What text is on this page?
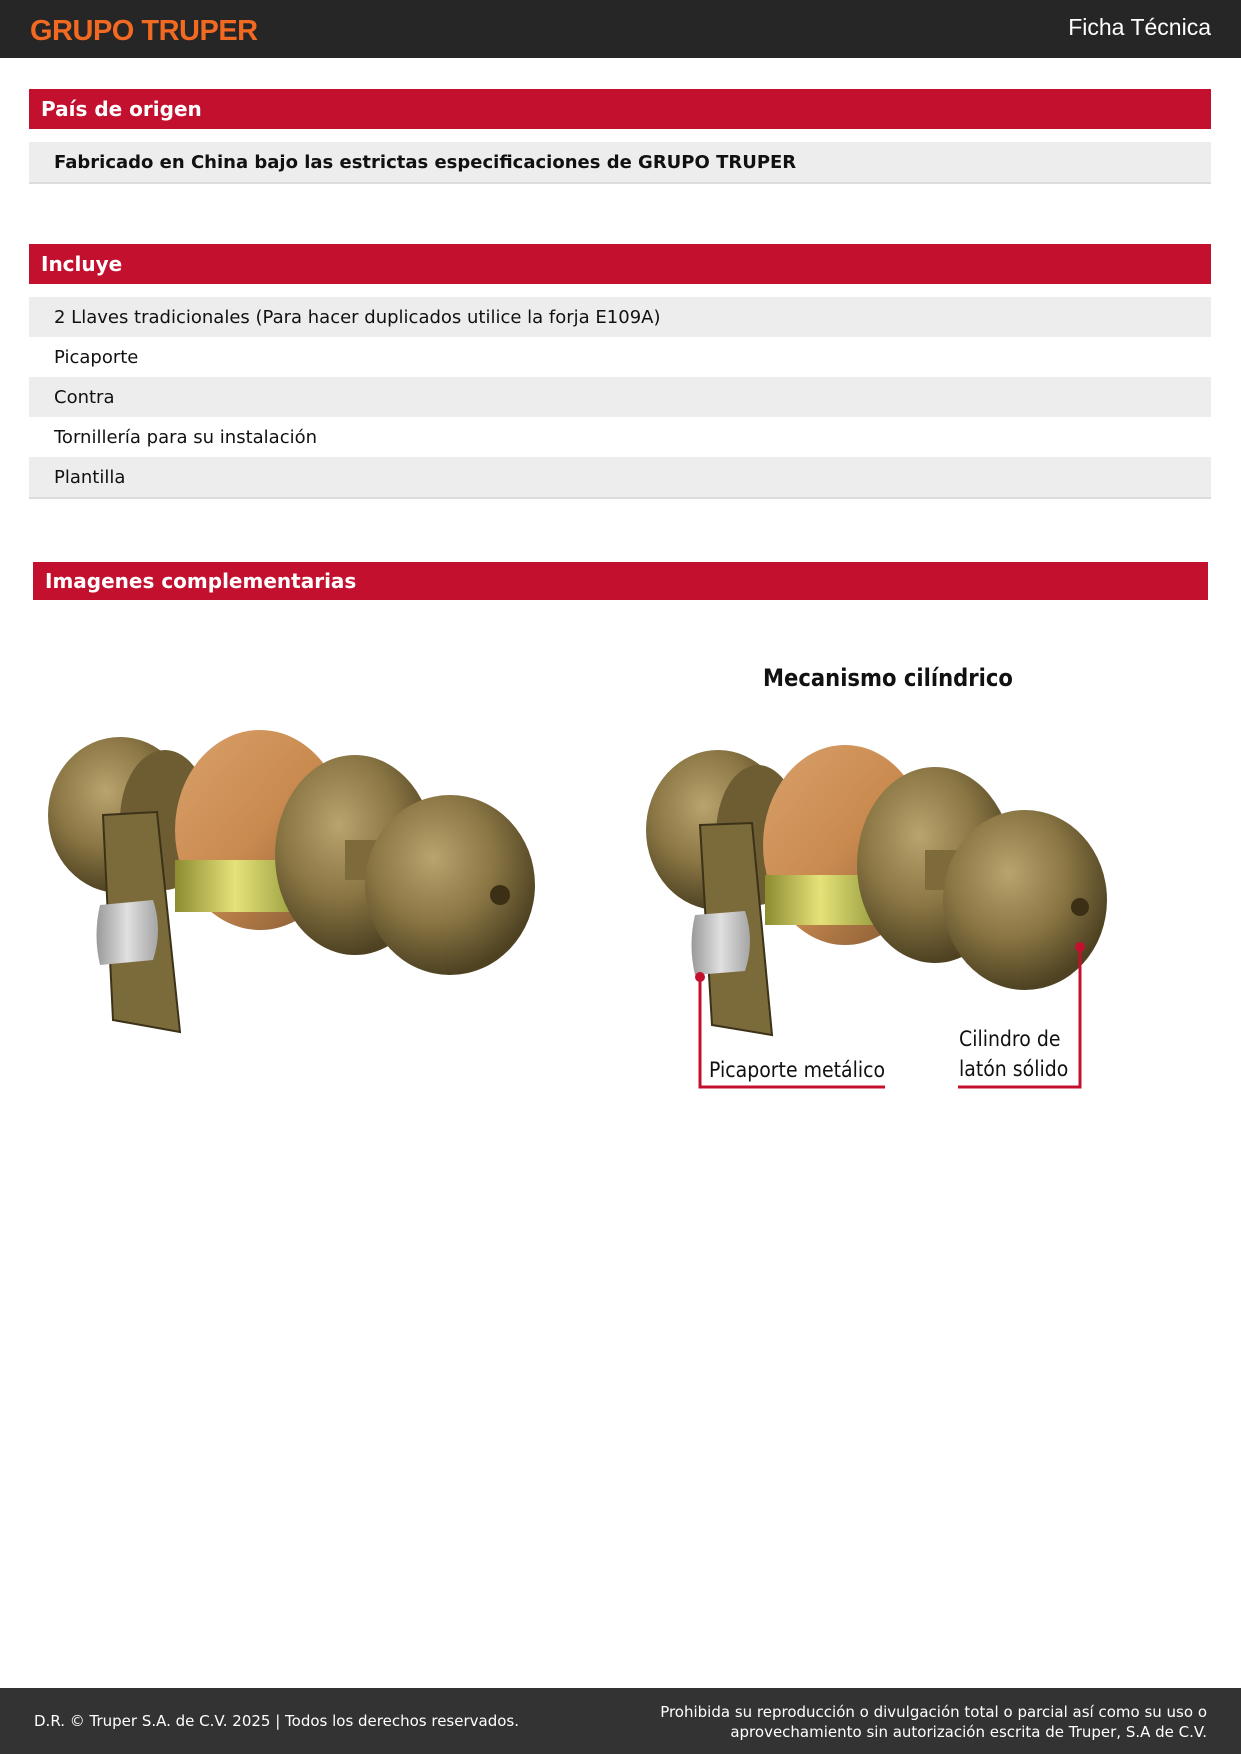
GRUPO TRUPER	Ficha Técnica
País de origen
Fabricado en China bajo las estrictas especificaciones de GRUPO TRUPER
Incluye
2 Llaves tradicionales (Para hacer duplicados utilice la forja E109A)
Picaporte
Contra
Tornillería para su instalación
Plantilla
Imagenes complementarias
Mecanismo cilíndrico
Picaporte metálico
Cilindro de
latón sólido
D.R. © Truper S.A. de C.V. 2025 | Todos los derechos reservados.	Prohibida su reproducción o divulgación total o parcial así como su uso o
aprovechamiento sin autorización escrita de Truper, S.A de C.V.
